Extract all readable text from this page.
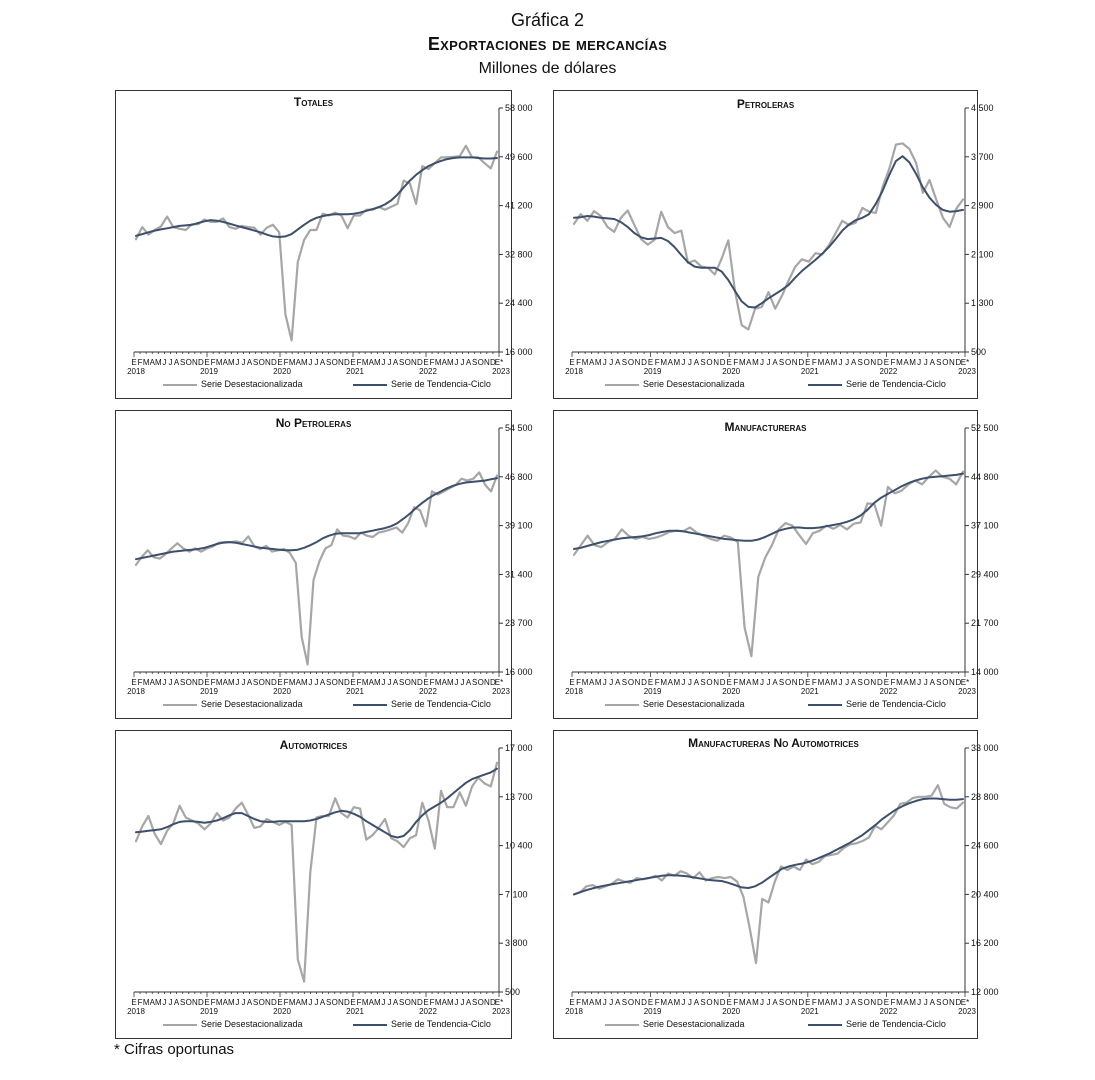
Gráfica 2
Exportaciones de mercancías
Millones de dólares
Totales
16 000
24 400
32 800
41 200
49 600
58 000
E F M A M J J A S O N D E F M A M J J A S O N D E F M A M J J A S O N D E F M A M J J A S O N D E F M A M J J A S O N D
E*
2018	2019	2020	2021	2022	2023
Serie Desestacionalizada	Serie de Tendencia-Ciclo
Petroleras
500
1 300
2 100
2 900
3 700
4 500
E F M A M J J A S O N D E F M A M J J A S O N D E F M A M J J A S O N D E F M A M J J A S O N D E F M A M J J A S O N D E*
2018	2019	2020	2021	2022	2023
Serie Desestacionalizada	Serie de Tendencia-Ciclo
No Petroleras
16 000
23 700
31 400
39 100
46 800
54 500
E F M A M J J A S O N D E F M A M J J A S O N D E F M A M J J A S O N D E F M A M J J A S O N D E F M A M J J A S O N D
E*
2018	2019	2020	2021	2022	2023
Serie Desestacionalizada	Serie de Tendencia-Ciclo
Manufactureras
14 000
21 700
29 400
37 100
44 800
52 500
E F M A M J J A S O N D E F M A M J J A S O N D E F M A M J J A S O N D E F M A M J J A S O N D E F M A M J J A S O N D E*
2018	2019	2020	2021	2022	2023
Serie Desestacionalizada	Serie de Tendencia-Ciclo
Automotrices
500
3 800
7 100
10 400
13 700
17 000
E F M A M J J A S O N D E F M A M J J A S O N D E F M A M J J A S O N D E F M A M J J A S O N D E F M A M J J A S O N D
E*
2018	2019	2020	2021	2022	2023
Serie Desestacionalizada	Serie de Tendencia-Ciclo
Manufactureras No Automotrices
12 000
16 200
20 400
24 600
28 800
33 000
E F M A M J J A S O N D E F M A M J J A S O N D E F M A M J J A S O N D E F M A M J J A S O N D E F M A M J J A S O N D E*
2018	2019	2020	2021	2022	2023
Serie Desestacionalizada	Serie de Tendencia-Ciclo
* Cifras oportunas
